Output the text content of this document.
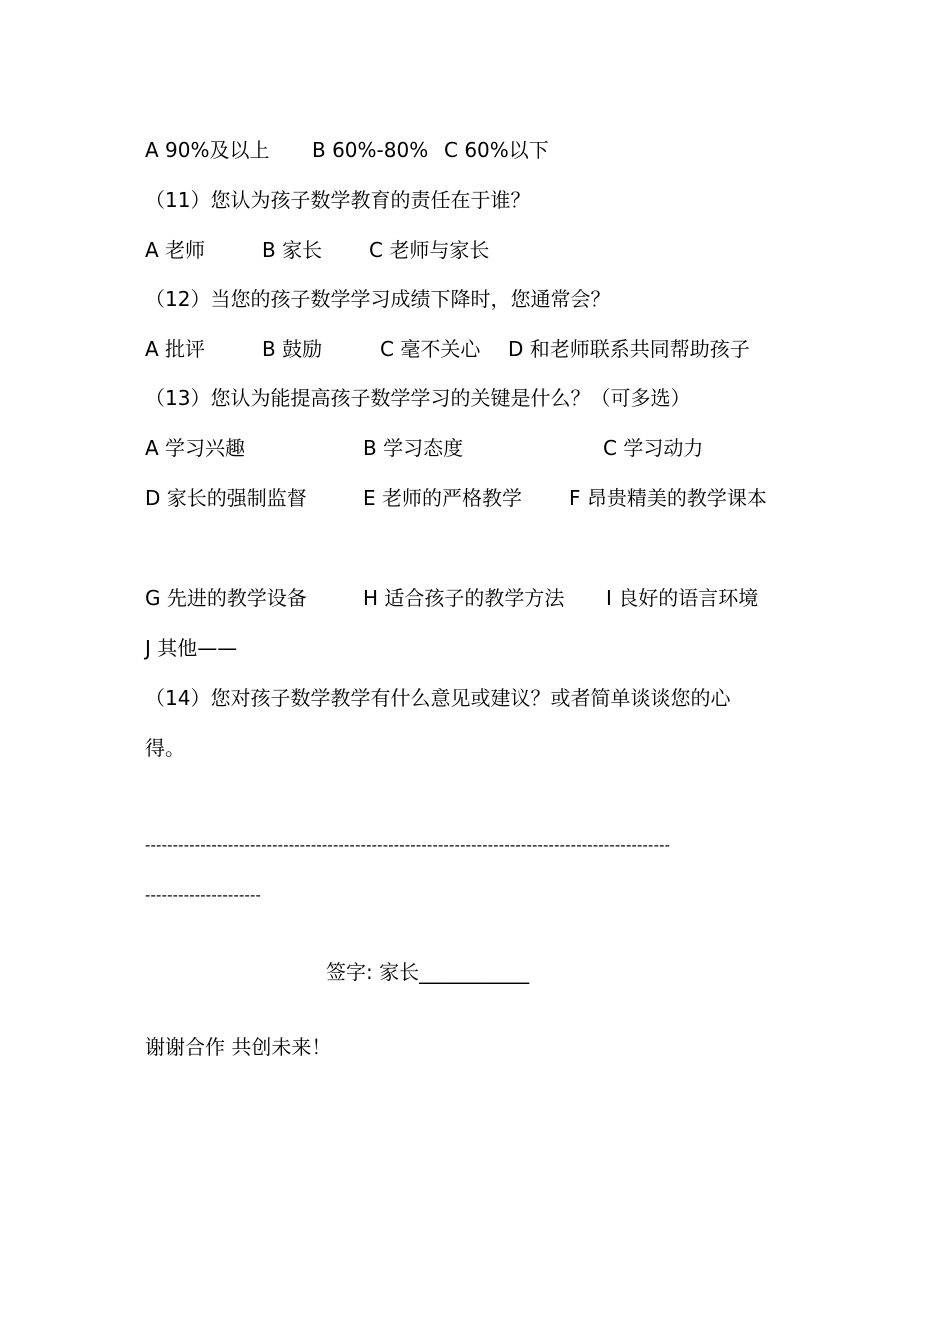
A 90%及以上 B 60%-80% C 60%以下
（11）您认为孩子数学教育的责任在于谁？
A 老师	B 家长 C 老师与家长
（12）当您的孩子数学学习成绩下降时，您通常会？
A 批评	B 鼓励	C 毫不关心 D 和老师联系共同帮助孩子
（13）您认为能提高孩子数学学习的关键是什么？（可多选）
A 学习兴趣	B 学习态度	C 学习动力
D 家长的强制监督	E 老师的严格教学 F 昂贵精美的教学课本
G 先进的教学设备	H 适合孩子的教学方法 I 良好的语言环境
J 其他——
（14）您对孩子数学教学有什么意见或建议？或者简单谈谈您的心
得。
-----------------------------------------------------------------------------------------------
---------------------
签字: 家长___________
谢谢合作 共创未来！
